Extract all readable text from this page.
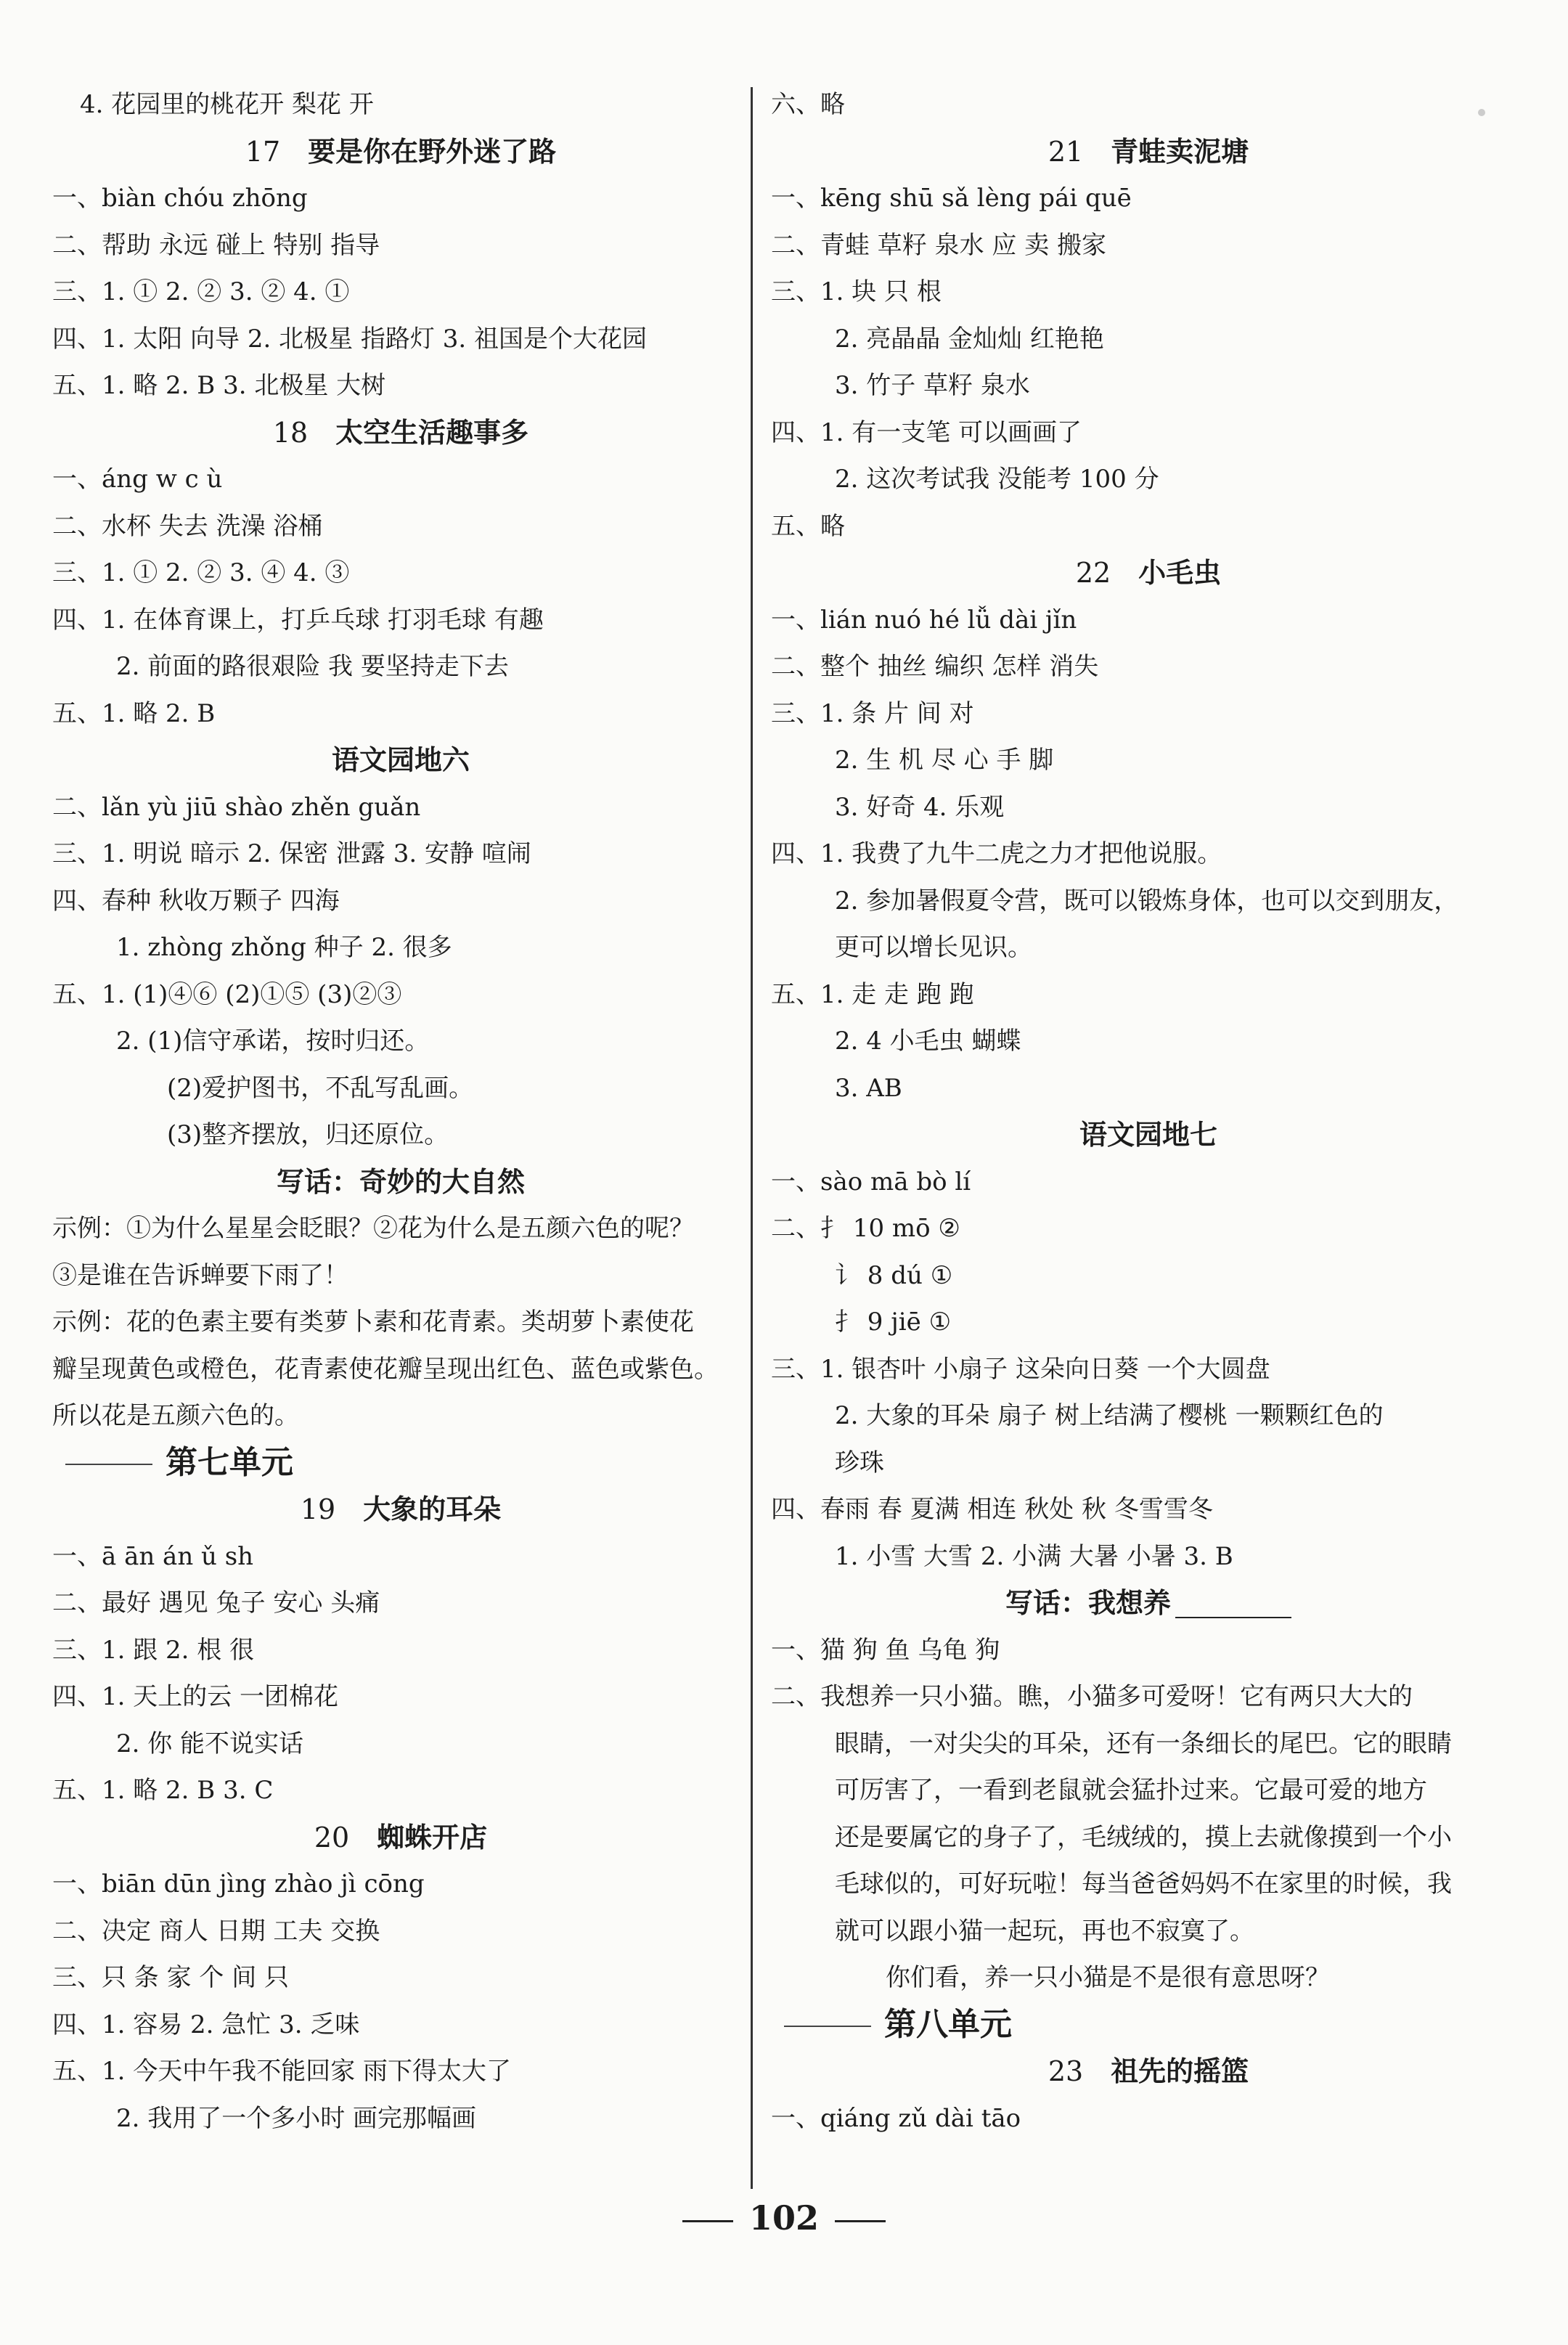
4. 花园里的桃花开 梨花 开
17 要是你在野外迷了路
一、biàn chóu zhōng
二、帮助 永远 碰上 特别 指导
三、1. ① 2. ② 3. ② 4. ①
四、1. 太阳 向导 2. 北极星 指路灯 3. 祖国是个大花园
五、1. 略 2. B 3. 北极星 大树
18 太空生活趣事多
一、áng w c ù
二、水杯 失去 洗澡 浴桶
三、1. ① 2. ② 3. ④ 4. ③
四、1. 在体育课上，打乒乓球 打羽毛球 有趣
2. 前面的路很艰险 我 要坚持走下去
五、1. 略 2. B
语文园地六
二、lǎn yù jiū shào zhěn guǎn
三、1. 明说 暗示 2. 保密 泄露 3. 安静 喧闹
四、春种 秋收万颗子 四海
1. zhòng zhǒng 种子 2. 很多
五、1. (1)④⑥ (2)①⑤ (3)②③
2. (1)信守承诺，按时归还。
(2)爱护图书，不乱写乱画。
(3)整齐摆放，归还原位。
写话：奇妙的大自然
示例：①为什么星星会眨眼？②花为什么是五颜六色的呢？
③是谁在告诉蝉要下雨了！
示例：花的色素主要有类萝卜素和花青素。类胡萝卜素使花
瓣呈现黄色或橙色，花青素使花瓣呈现出红色、蓝色或紫色。
所以花是五颜六色的。
第七单元
19 大象的耳朵
一、ā ān án ǔ sh
二、最好 遇见 兔子 安心 头痛
三、1. 跟 2. 根 很
四、1. 天上的云 一团棉花
2. 你 能不说实话
五、1. 略 2. B 3. C
20 蜘蛛开店
一、biān dūn jìng zhào jì cōng
二、决定 商人 日期 工夫 交换
三、只 条 家 个 间 只
四、1. 容易 2. 急忙 3. 乏味
五、1. 今天中午我不能回家 雨下得太大了
2. 我用了一个多小时 画完那幅画
六、略
21 青蛙卖泥塘
一、kēng shū sǎ lèng pái quē
二、青蛙 草籽 泉水 应 卖 搬家
三、1. 块 只 根
2. 亮晶晶 金灿灿 红艳艳
3. 竹子 草籽 泉水
四、1. 有一支笔 可以画画了
2. 这次考试我 没能考 100 分
五、略
22 小毛虫
一、lián nuó hé lǚ dài jǐn
二、整个 抽丝 编织 怎样 消失
三、1. 条 片 间 对
2. 生 机 尽 心 手 脚
3. 好奇 4. 乐观
四、1. 我费了九牛二虎之力才把他说服。
2. 参加暑假夏令营，既可以锻炼身体，也可以交到朋友，
更可以增长见识。
五、1. 走 走 跑 跑
2. 4 小毛虫 蝴蝶
3. AB
语文园地七
一、sào mā bò lí
二、扌 10 mō ②
讠 8 dú ①
扌 9 jiē ①
三、1. 银杏叶 小扇子 这朵向日葵 一个大圆盘
2. 大象的耳朵 扇子 树上结满了樱桃 一颗颗红色的
珍珠
四、春雨 春 夏满 相连 秋处 秋 冬雪雪冬
1. 小雪 大雪 2. 小满 大暑 小暑 3. B
写话：我想养
一、猫 狗 鱼 乌龟 狗
二、我想养一只小猫。瞧，小猫多可爱呀！它有两只大大的
眼睛，一对尖尖的耳朵，还有一条细长的尾巴。它的眼睛
可厉害了，一看到老鼠就会猛扑过来。它最可爱的地方
还是要属它的身子了，毛绒绒的，摸上去就像摸到一个小
毛球似的，可好玩啦！每当爸爸妈妈不在家里的时候，我
就可以跟小猫一起玩，再也不寂寞了。
你们看，养一只小猫是不是很有意思呀？
第八单元
23 祖先的摇篮
一、qiáng zǔ dài tāo
102
